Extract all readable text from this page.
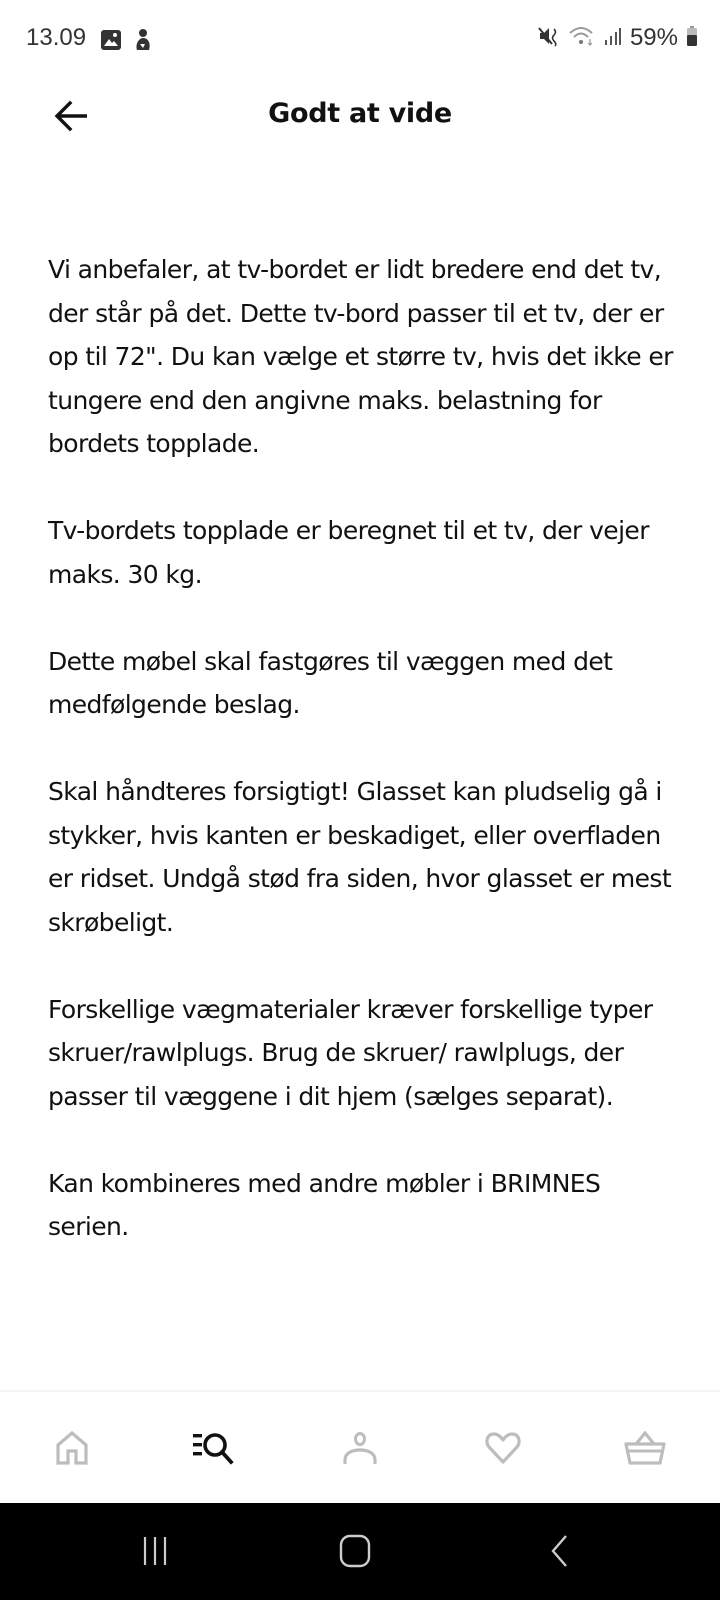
13.09	59%
Godt at vide

Vi anbefaler, at tv-bordet er lidt bredere end det tv, der står på det. Dette tv-bord passer til et tv, der er op til 72". Du kan vælge et større tv, hvis det ikke er tungere end den angivne maks. belastning for bordets topplade.

Tv-bordets topplade er beregnet til et tv, der vejer maks. 30 kg.

Dette møbel skal fastgøres til væggen med det medfølgende beslag.

Skal håndteres forsigtigt! Glasset kan pludselig gå i stykker, hvis kanten er beskadiget, eller overfladen er ridset. Undgå stød fra siden, hvor glasset er mest skrøbeligt.

Forskellige vægmaterialer kræver forskellige typer skruer/rawlplugs. Brug de skruer/ rawlplugs, der passer til væggene i dit hjem (sælges separat).

Kan kombineres med andre møbler i BRIMNES serien.
